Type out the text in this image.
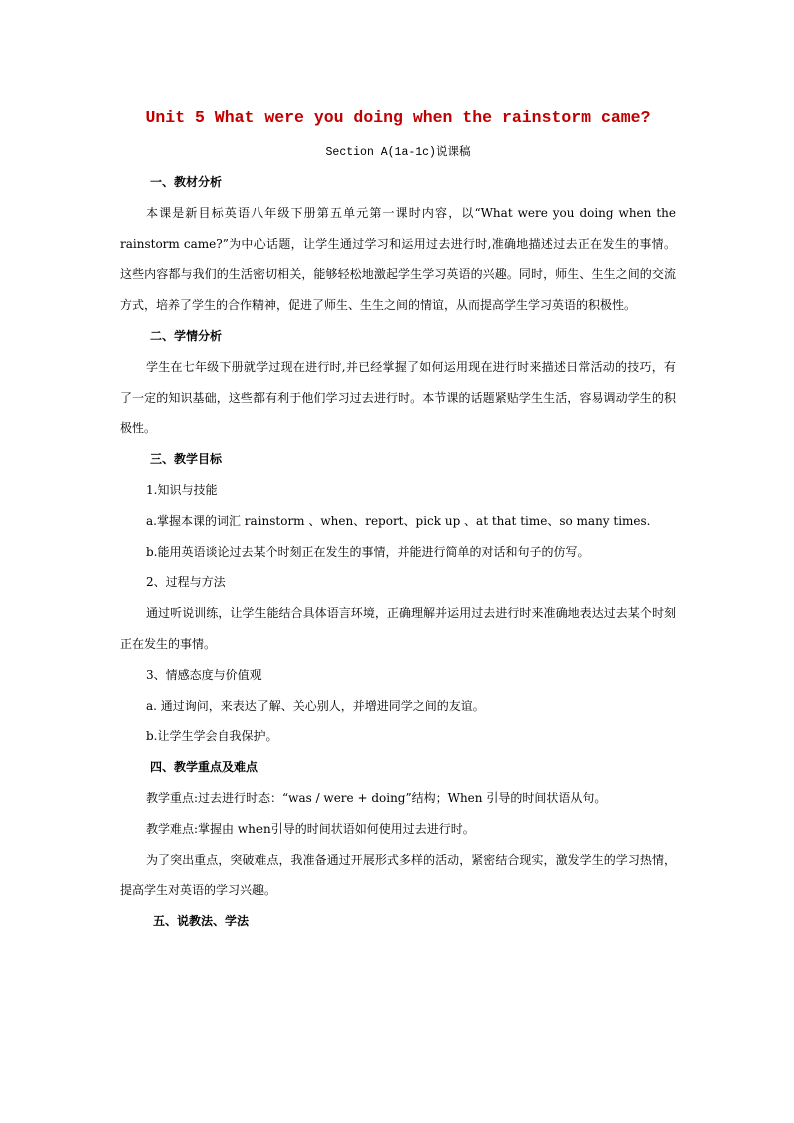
Unit 5 What were you doing when the rainstorm came?
Section A(1a-1c)说课稿
一、教材分析

本课是新目标英语八年级下册第五单元第一课时内容，以“What were you doing when the rainstorm came?”为中心话题，让学生通过学习和运用过去进行时,准确地描述过去正在发生的事情。这些内容都与我们的生活密切相关，能够轻松地激起学生学习英语的兴趣。同时，师生、生生之间的交流方式，培养了学生的合作精神，促进了师生、生生之间的情谊，从而提高学生学习英语的积极性。

二、学情分析

学生在七年级下册就学过现在进行时,并已经掌握了如何运用现在进行时来描述日常活动的技巧，有了一定的知识基础，这些都有利于他们学习过去进行时。本节课的话题紧贴学生生活，容易调动学生的积极性。

三、教学目标
1.知识与技能

a.掌握本课的词汇 rainstorm 、when、report、pick up 、at that time、so many times.

b.能用英语谈论过去某个时刻正在发生的事情，并能进行简单的对话和句子的仿写。
2、过程与方法

通过听说训练，让学生能结合具体语言环境，正确理解并运用过去进行时来准确地表达过去某个时刻正在发生的事情。

3、情感态度与价值观
a. 通过询问，来表达了解、关心别人，并增进同学之间的友谊。
b.让学生学会自我保护。
四、教学重点及难点
教学重点:过去进行时态：“was / were + doing”结构；When 引导的时间状语从句。
教学难点:掌握由 when引导的时间状语如何使用过去进行时。

为了突出重点，突破难点，我准备通过开展形式多样的活动，紧密结合现实，激发学生的学习热情，提高学生对英语的学习兴趣。

五、说教法、学法
